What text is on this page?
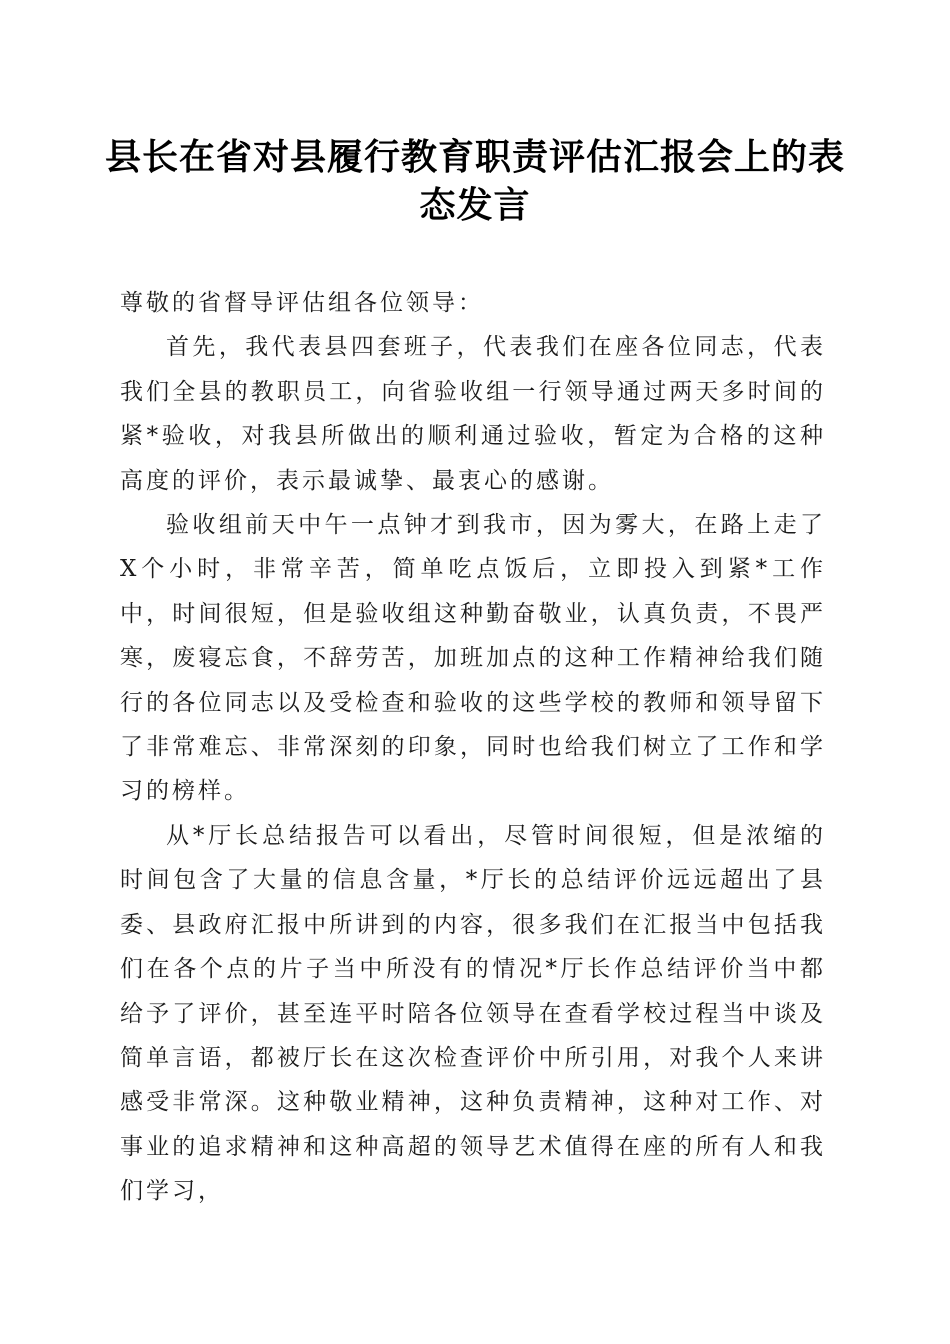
县长在省对县履行教育职责评估汇报会上的表态发言

尊敬的省督导评估组各位领导：

首先，我代表县四套班子，代表我们在座各位同志，代表我们全县的教职员工，向省验收组一行领导通过两天多时间的紧*验收，对我县所做出的顺利通过验收，暂定为合格的这种高度的评价，表示最诚挚、最衷心的感谢。

验收组前天中午一点钟才到我市，因为雾大，在路上走了X个小时，非常辛苦，简单吃点饭后，立即投入到紧*工作中，时间很短，但是验收组这种勤奋敬业，认真负责，不畏严寒，废寝忘食，不辞劳苦，加班加点的这种工作精神给我们随行的各位同志以及受检查和验收的这些学校的教师和领导留下了非常难忘、非常深刻的印象，同时也给我们树立了工作和学习的榜样。

从*厅长总结报告可以看出，尽管时间很短，但是浓缩的时间包含了大量的信息含量，*厅长的总结评价远远超出了县委、县政府汇报中所讲到的内容，很多我们在汇报当中包括我们在各个点的片子当中所没有的情况*厅长作总结评价当中都给予了评价，甚至连平时陪各位领导在查看学校过程当中谈及简单言语，都被厅长在这次检查评价中所引用，对我个人来讲感受非常深。这种敬业精神，这种负责精神，这种对工作、对事业的追求精神和这种高超的领导艺术值得在座的所有人和我们学习，
